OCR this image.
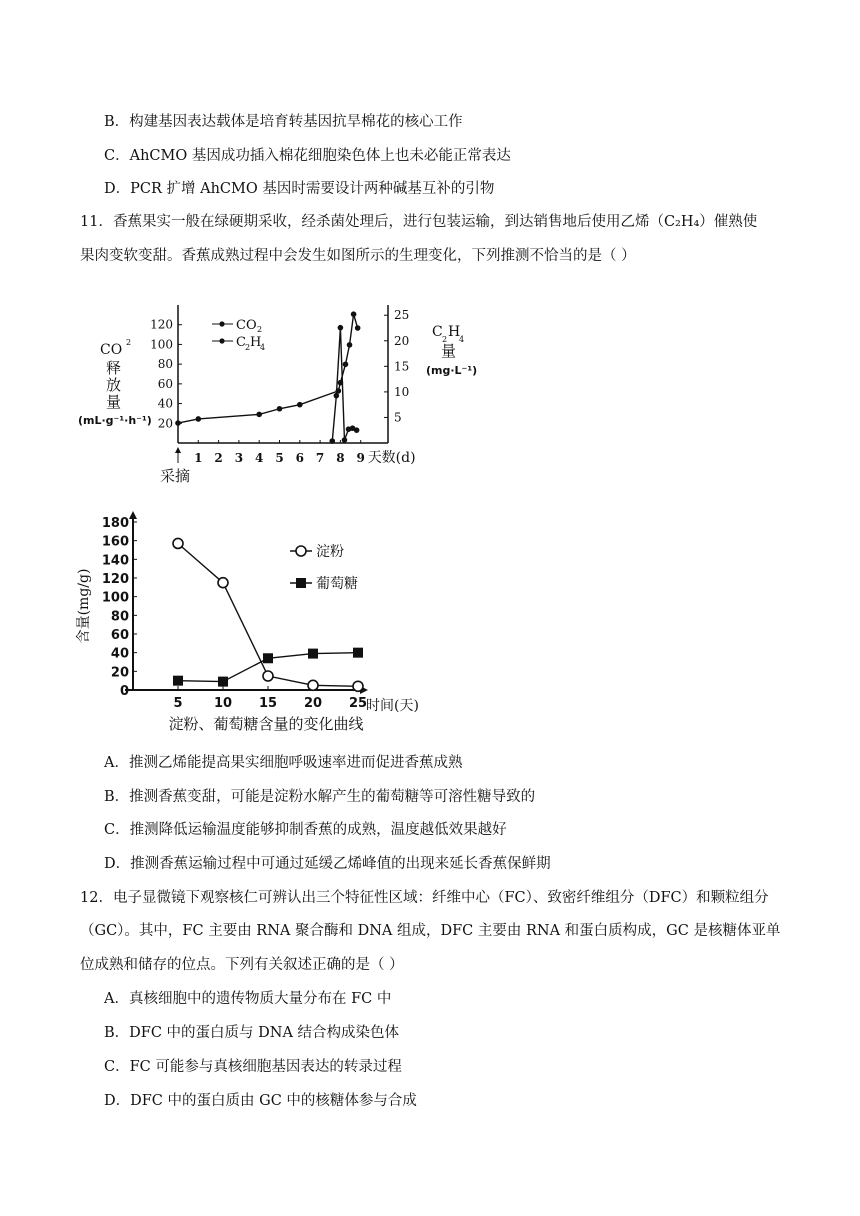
B．构建基因表达载体是培育转基因抗旱棉花的核心工作
C．AhCMO 基因成功插入棉花细胞染色体上也未必能正常表达
D．PCR 扩增 AhCMO 基因时需要设计两种碱基互补的引物
11．香蕉果实一般在绿硬期采收，经杀菌处理后，进行包装运输，到达销售地后使用乙烯（C₂H₄）催熟使
果肉变软变甜。香蕉成熟过程中会发生如图所示的生理变化，下列推测不恰当的是（ ）
20
40
60
80
100
120
5
10
15
20
25
1 2 3 4 5 6 7 8 9 天数(d)
采摘
CO 2
释
放
量
(mL·g⁻¹·h⁻¹)
C 2 H
4
量
(mg·L⁻¹)
CO 2
C 2 H
4
0
20
40
60
80
100
120
140
160
180
5 10 15 20 25
时间(天)
含量(mg/g)
淀粉、葡萄糖含量的变化曲线
淀粉
葡萄糖
A．推测乙烯能提高果实细胞呼吸速率进而促进香蕉成熟
B．推测香蕉变甜，可能是淀粉水解产生的葡萄糖等可溶性糖导致的
C．推测降低运输温度能够抑制香蕉的成熟，温度越低效果越好
D．推测香蕉运输过程中可通过延缓乙烯峰值的出现来延长香蕉保鲜期
12．电子显微镜下观察核仁可辨认出三个特征性区域：纤维中心（FC）、致密纤维组分（DFC）和颗粒组分
（GC）。其中，FC 主要由 RNA 聚合酶和 DNA 组成，DFC 主要由 RNA 和蛋白质构成，GC 是核糖体亚单
位成熟和储存的位点。下列有关叙述正确的是（ ）
A．真核细胞中的遗传物质大量分布在 FC 中
B．DFC 中的蛋白质与 DNA 结合构成染色体
C．FC 可能参与真核细胞基因表达的转录过程
D．DFC 中的蛋白质由 GC 中的核糖体参与合成
